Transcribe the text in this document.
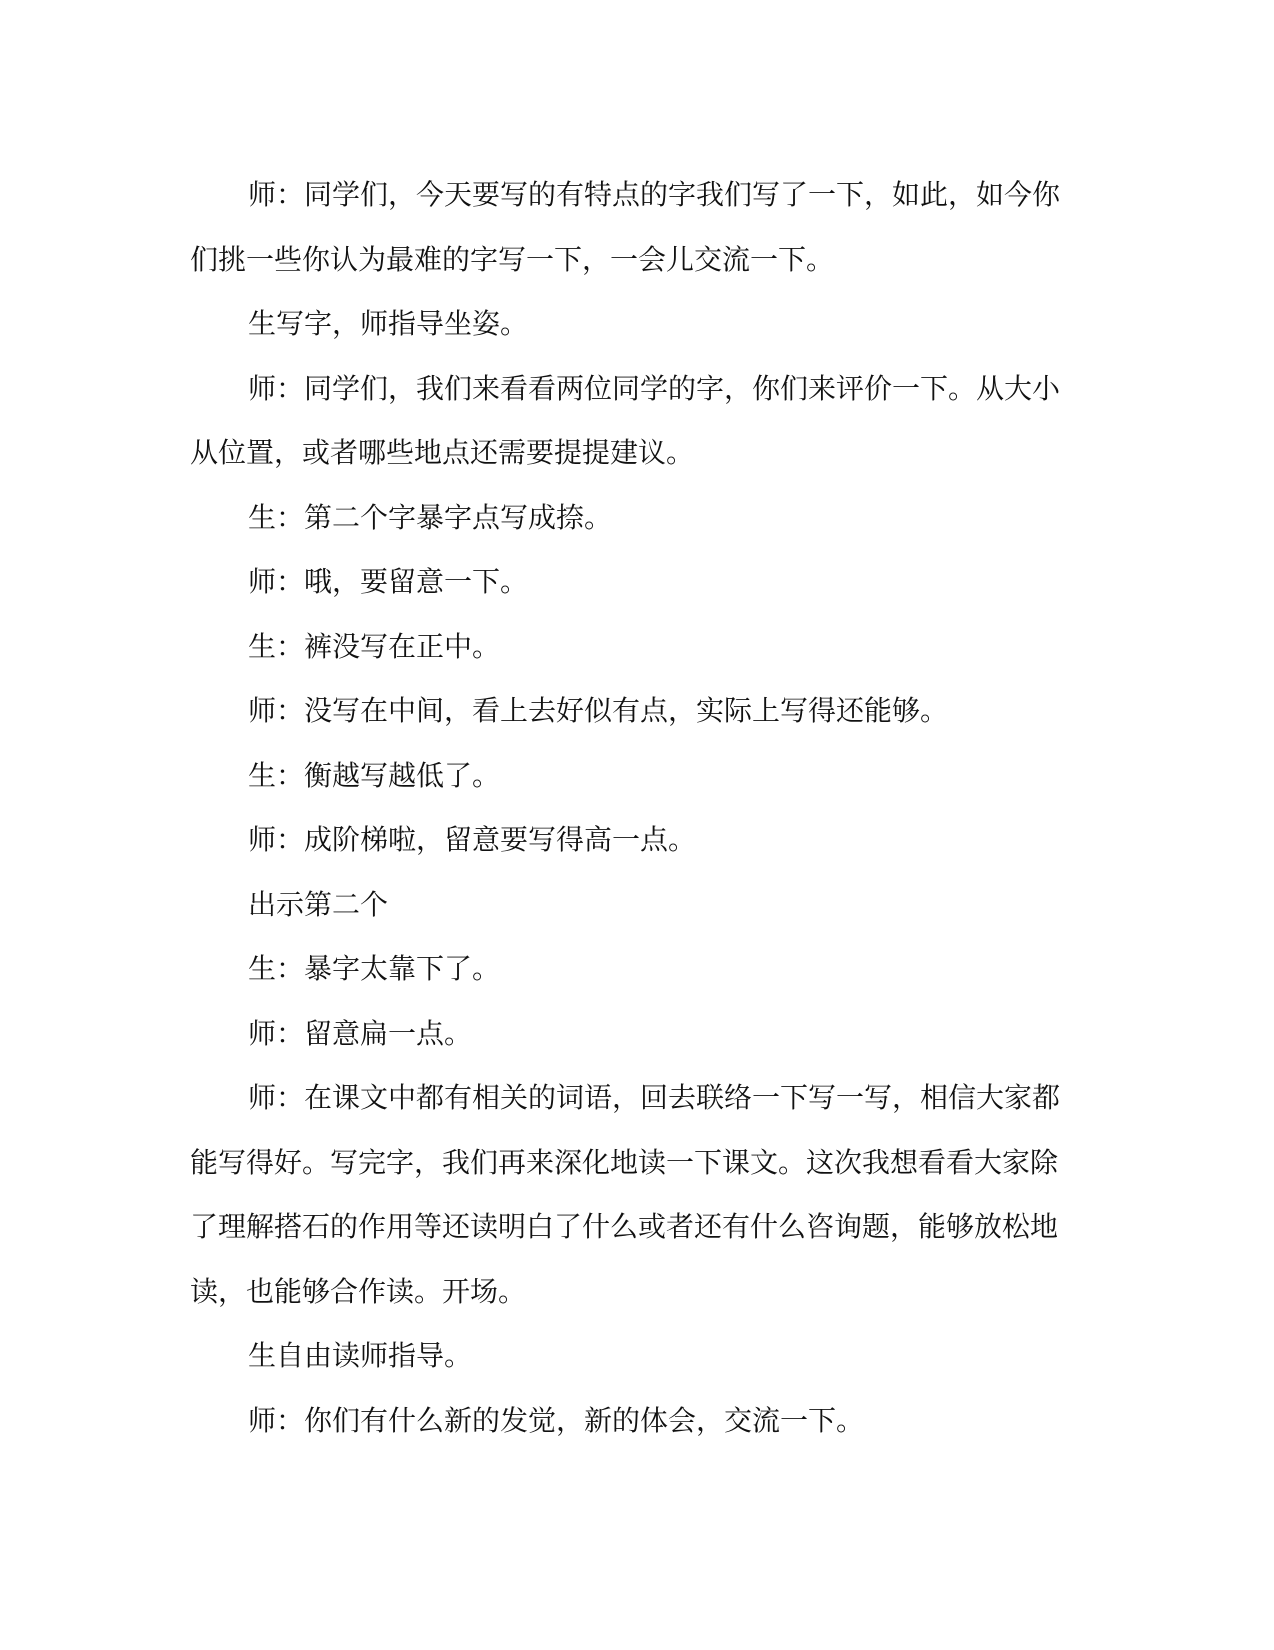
师：同学们，今天要写的有特点的字我们写了一下，如此，如今你们挑一些你认为最难的字写一下，一会儿交流一下。

生写字，师指导坐姿。

师：同学们，我们来看看两位同学的字，你们来评价一下。从大小从位置，或者哪些地点还需要提提建议。

生：第二个字暴字点写成捺。

师：哦，要留意一下。

生：裤没写在正中。

师：没写在中间，看上去好似有点，实际上写得还能够。

生：衡越写越低了。

师：成阶梯啦，留意要写得高一点。

出示第二个

生：暴字太靠下了。

师：留意扁一点。

师：在课文中都有相关的词语，回去联络一下写一写，相信大家都能写得好。写完字，我们再来深化地读一下课文。这次我想看看大家除了理解搭石的作用等还读明白了什么或者还有什么咨询题，能够放松地读，也能够合作读。开场。

生自由读师指导。

师：你们有什么新的发觉，新的体会，交流一下。
